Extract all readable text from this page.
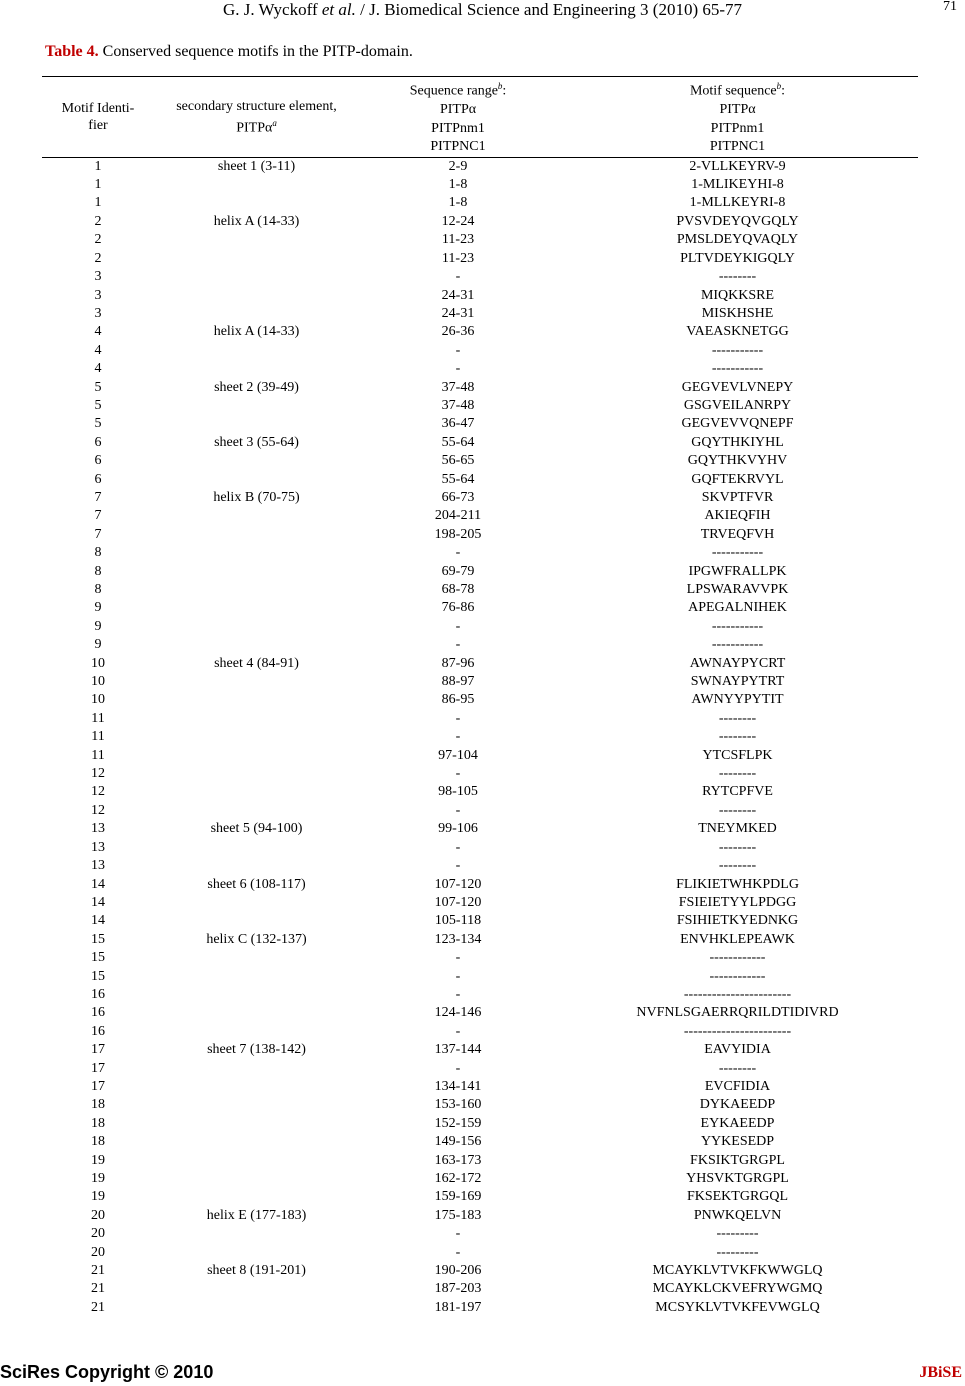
G. J. Wyckoff et al. / J. Biomedical Science and Engineering 3 (2010) 65-77	71
Table 4. Conserved sequence motifs in the PITP-domain.
Motif Identi-
fier	secondary structure element,
PITPα$^a$	Sequence range$^b$:	Motif sequence$^b$:
		PITPα	PITPα
		PITPnm1	PITPnm1
		PITPNC1	PITPNC1
1	sheet 1 (3-11)	2-9	2-VLLKEYRV-9
1		1-8	1-MLIKEYHI-8
1		1-8	1-MLLKEYRI-8
2	helix A (14-33)	12-24	PVSVDEYQVGQLY
2		11-23	PMSLDEYQVAQLY
2		11-23	PLTVDEYKIGQLY
3		-	--------
3		24-31	MIQKKSRE
3		24-31	MISKHSHE
4	helix A (14-33)	26-36	VAEASKNETGG
4		-	-----------
4		-	-----------
5	sheet 2 (39-49)	37-48	GEGVEVLVNEPY
5		37-48	GSGVEILANRPY
5		36-47	GEGVEVVQNEPF
6	sheet 3 (55-64)	55-64	GQYTHKIYHL
6		56-65	GQYTHKVYHV
6		55-64	GQFTEKRVYL
7	helix B (70-75)	66-73	SKVPTFVR
7		204-211	AKIEQFIH
7		198-205	TRVEQFVH
8		-	-----------
8		69-79	IPGWFRALLPK
8		68-78	LPSWARAVVPK
9		76-86	APEGALNIHEK
9		-	-----------
9		-	-----------
10	sheet 4 (84-91)	87-96	AWNAYPYCRT
10		88-97	SWNAYPYTRT
10		86-95	AWNYYPYTIT
11		-	--------
11		-	--------
11		97-104	YTCSFLPK
12		-	--------
12		98-105	RYTCPFVE
12		-	--------
13	sheet 5 (94-100)	99-106	TNEYMKED
13		-	--------
13		-	--------
14	sheet 6 (108-117)	107-120	FLIKIETWHKPDLG
14		107-120	FSIEIETYYLPDGG
14		105-118	FSIHIETKYEDNKG
15	helix C (132-137)	123-134	ENVHKLEPEAWK
15		-	------------
15		-	------------
16		-	-----------------------
16		124-146	NVFNLSGAERRQRILDTIDIVRD
16		-	-----------------------
17	sheet 7 (138-142)	137-144	EAVYIDIA
17		-	--------
17		134-141	EVCFIDIA
18		153-160	DYKAEEDP
18		152-159	EYKAEEDP
18		149-156	YYKESEDP
19		163-173	FKSIKTGRGPL
19		162-172	YHSVKTGRGPL
19		159-169	FKSEKTGRGQL
20	helix E (177-183)	175-183	PNWKQELVN
20		-	---------
20		-	---------
21	sheet 8 (191-201)	190-206	MCAYKLVTVKFKWWGLQ
21		187-203	MCAYKLCKVEFRYWGMQ
21		181-197	MCSYKLVTVKFEVWGLQ
SciRes Copyright © 2010	JBiSE
